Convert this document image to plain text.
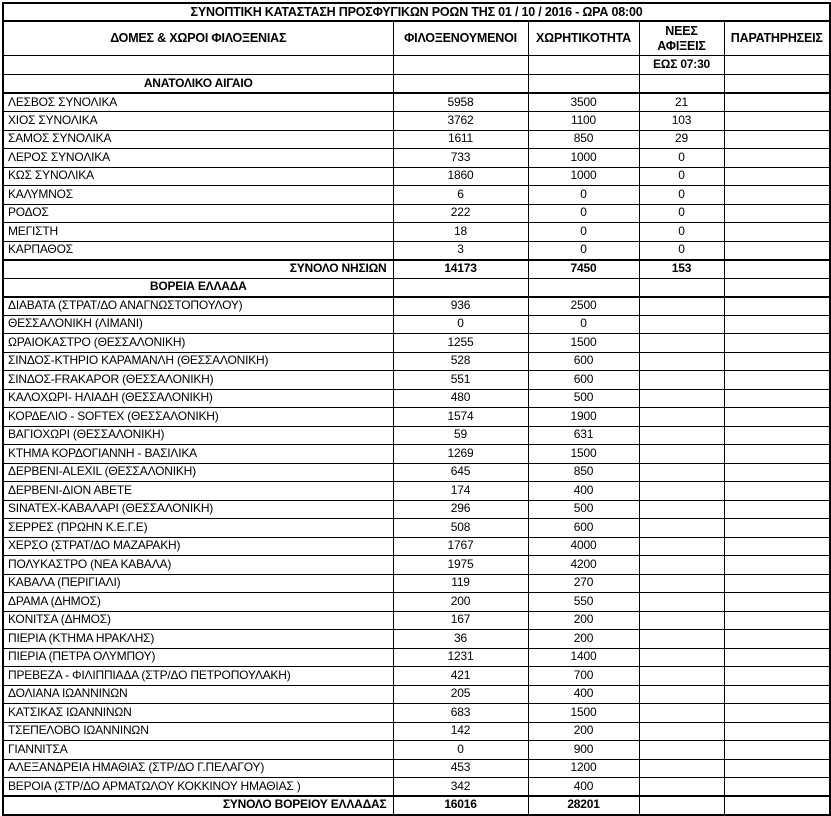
ΣΥΝΟΠΤΙΚΗ ΚΑΤΑΣΤΑΣΗ ΠΡΟΣΦΥΓΙΚΩΝ ΡΟΩΝ ΤΗΣ 01 / 10 / 2016 - ΩΡΑ 08:00				
ΔΟΜΕΣ & ΧΩΡΟΙ ΦΙΛΟΞΕΝΙΑΣ	ΦΙΛΟΞΕΝΟΥΜΕΝΟΙ	ΧΩΡΗΤΙΚΟΤΗΤΑ	ΝΕΕΣ ΑΦΙΞΕΙΣ	ΠΑΡΑΤΗΡΗΣΕΙΣ
			ΕΩΣ 07:30	
ΑΝΑΤΟΛΙΚΟ ΑΙΓΑΙΟ				
ΛΕΣΒΟΣ ΣΥΝΟΛΙΚΑ	5958	3500	21	
ΧΙΟΣ ΣΥΝΟΛΙΚΑ	3762	1100	103	
ΣΑΜΟΣ ΣΥΝΟΛΙΚΑ	1611	850	29	
ΛΕΡΟΣ ΣΥΝΟΛΙΚΑ	733	1000	0	
ΚΩΣ ΣΥΝΟΛΙΚΑ	1860	1000	0	
ΚΑΛΥΜΝΟΣ	6	0	0	
ΡΟΔΟΣ	222	0	0	
ΜΕΓΙΣΤΗ	18	0	0	
ΚΑΡΠΑΘΟΣ	3	0	0	
ΣΥΝΟΛΟ ΝΗΣΙΩΝ	14173	7450	153	
ΒΟΡΕΙΑ ΕΛΛΑΔΑ				
ΔΙΑΒΑΤΑ (ΣΤΡΑΤ/ΔΟ ΑΝΑΓΝΩΣΤΟΠΟΥΛΟΥ)	936	2500		
ΘΕΣΣΑΛΟΝΙΚΗ (ΛΙΜΑΝΙ)	0	0		
ΩΡΑΙΟΚΑΣΤΡΟ (ΘΕΣΣΑΛΟΝΙΚΗ)	1255	1500		
ΣΙΝΔΟΣ-ΚΤΗΡΙΟ ΚΑΡΑΜΑΝΛΗ (ΘΕΣΣΑΛΟΝΙΚΗ)	528	600		
ΣΙΝΔΟΣ-FRAKAPOR (ΘΕΣΣΑΛΟΝΙΚΗ)	551	600		
ΚΑΛΟΧΩΡΙ- ΗΛΙΑΔΗ (ΘΕΣΣΑΛΟΝΙΚΗ)	480	500		
ΚΟΡΔΕΛΙΟ - SOFTEX (ΘΕΣΣΑΛΟΝΙΚΗ)	1574	1900		
ΒΑΓΙΟΧΩΡΙ (ΘΕΣΣΑΛΟΝΙΚΗ)	59	631		
ΚΤΗΜΑ ΚΟΡΔΟΓΙΑΝΝΗ - ΒΑΣΙΛΙΚΑ	1269	1500		
ΔΕΡΒΕΝΙ-ALEXIL (ΘΕΣΣΑΛΟΝΙΚΗ)	645	850		
ΔΕΡΒΕΝΙ-ΔΙΟΝ ΑΒΕΤΕ	174	400		
SINATEX-ΚΑΒΑΛΑΡΙ (ΘΕΣΣΑΛΟΝΙΚΗ)	296	500		
ΣΕΡΡΕΣ (ΠΡΩΗΝ Κ.Ε.Γ.Ε)	508	600		
ΧΕΡΣΟ (ΣΤΡΑΤ/ΔΟ ΜΑΖΑΡΑΚΗ)	1767	4000		
ΠΟΛΥΚΑΣΤΡΟ (ΝΕΑ ΚΑΒΑΛΑ)	1975	4200		
ΚΑΒΑΛΑ (ΠΕΡΙΓΙΑΛΙ)	119	270		
ΔΡΑΜΑ (ΔΗΜΟΣ)	200	550		
ΚΟΝΙΤΣΑ (ΔΗΜΟΣ)	167	200		
ΠΙΕΡΙΑ (ΚΤΗΜΑ ΗΡΑΚΛΗΣ)	36	200		
ΠΙΕΡΙΑ (ΠΕΤΡΑ ΟΛΥΜΠΟΥ)	1231	1400		
ΠΡΕΒΕΖΑ - ΦΙΛΙΠΠΙΑΔΑ (ΣΤΡ/ΔΟ ΠΕΤΡΟΠΟΥΛΑΚΗ)	421	700		
ΔΟΛΙΑΝΑ ΙΩΑΝΝΙΝΩΝ	205	400		
ΚΑΤΣΙΚΑΣ ΙΩΑΝΝΙΝΩΝ	683	1500		
ΤΣΕΠΕΛΟΒΟ ΙΩΑΝΝΙΝΩΝ	142	200		
ΓΙΑΝΝΙΤΣΑ	0	900		
ΑΛΕΞΑΝΔΡΕΙΑ ΗΜΑΘΙΑΣ (ΣΤΡ/ΔΟ Γ.ΠΕΛΑΓΟΥ)	453	1200		
ΒΕΡΟΙΑ (ΣΤΡ/ΔΟ ΑΡΜΑΤΩΛΟΥ ΚΟΚΚΙΝΟΥ ΗΜΑΘΙΑΣ )	342	400		
ΣΥΝΟΛΟ ΒΟΡΕΙΟΥ ΕΛΛΑΔΑΣ	16016	28201		
